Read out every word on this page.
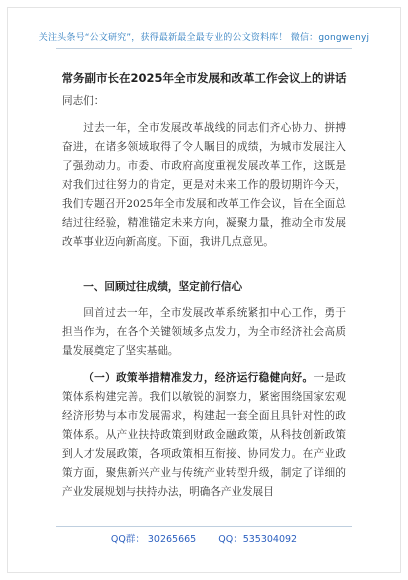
关注头条号“公文研究”，获得最新最全最专业的公文资料库！ 微信：gongwenyj
常务副市长在2025年全市发展和改革工作会议上的讲话
同志们：
过去一年，全市发展改革战线的同志们齐心协力、拼搏奋进，在诸多领域取得了令人瞩目的成绩，为城市发展注入了强劲动力。市委、市政府高度重视发展改革工作，这既是对我们过往努力的肯定，更是对未来工作的殷切期许今天，我们专题召开2025年全市发展和改革工作会议，旨在全面总结过往经验，精准锚定未来方向，凝聚力量，推动全市发展改革事业迈向新高度。下面，我讲几点意见。
一、回顾过往成绩，坚定前行信心
回首过去一年，全市发展改革系统紧扣中心工作，勇于担当作为，在各个关键领域多点发力，为全市经济社会高质量发展奠定了坚实基础。
（一）政策举措精准发力，经济运行稳健向好。一是政策体系构建完善。我们以敏锐的洞察力，紧密围绕国家宏观经济形势与本市发展需求，构建起一套全面且具针对性的政策体系。从产业扶持政策到财政金融政策，从科技创新政策到人才发展政策，各项政策相互衔接、协同发力。在产业政策方面，聚焦新兴产业与传统产业转型升级，制定了详细的产业发展规划与扶持办法，明确各产业发展目
QQ群： 30265665 QQ：535304092
